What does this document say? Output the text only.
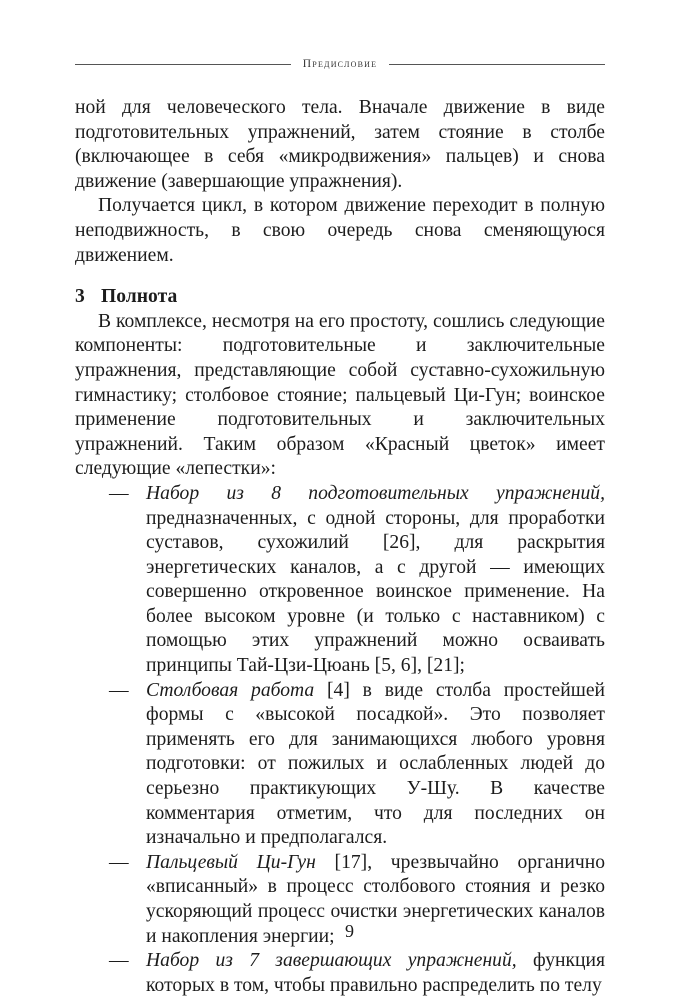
Предисловие

ной для человеческого тела. Вначале движение в виде подготовительных упражнений, затем стояние в столбе (включающее в себя «микродвижения» пальцев) и снова движение (завершающие упражнения).

Получается цикл, в котором движение переходит в полную неподвижность, в свою очередь снова сменяющуюся движением.

3 Полнота

В комплексе, несмотря на его простоту, сошлись следующие компоненты: подготовительные и заключительные упражнения, представляющие собой суставно-сухожильную гимнастику; столбовое стояние; пальцевый Ци-Гун; воинское применение подготовительных и заключительных упражнений. Таким образом «Красный цветок» имеет следующие «лепестки»:

— Набор из 8 подготовительных упражнений, предназначенных, с одной стороны, для проработки суставов, сухожилий [26], для раскрытия энергетических каналов, а с другой — имеющих совершенно откровенное воинское применение. На более высоком уровне (и только с наставником) с помощью этих упражнений можно осваивать принципы Тай-Цзи-Цюань [5, 6], [21];
— Столбовая работа [4] в виде столба простейшей формы с «высокой посадкой». Это позволяет применять его для занимающихся любого уровня подготовки: от пожилых и ослабленных людей до серьезно практикующих У-Шу. В качестве комментария отметим, что для последних он изначально и предполагался.
— Пальцевый Ци-Гун [17], чрезвычайно органично «вписанный» в процесс столбового стояния и резко ускоряющий процесс очистки энергетических каналов и накопления энергии;
— Набор из 7 завершающих упражнений, функция которых в том, чтобы правильно распределить по телу
9
